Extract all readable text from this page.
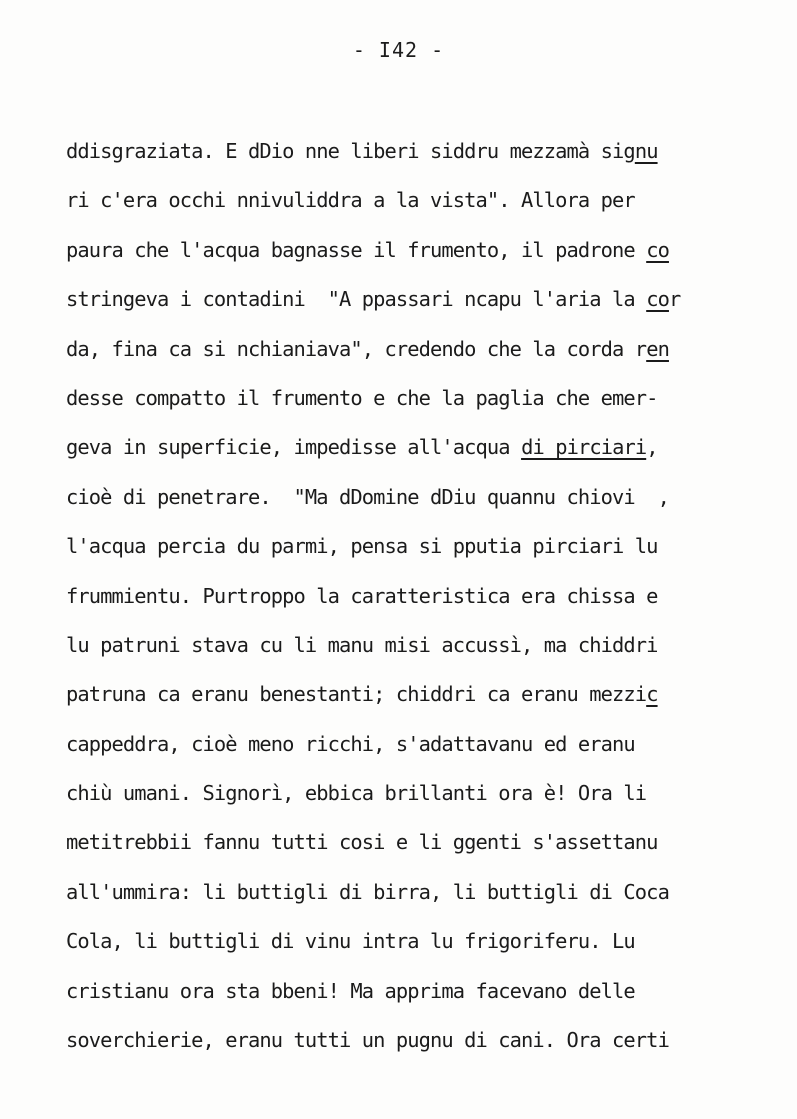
- I42 -
ddisgraziata. E dDio nne liberi siddru mezzamà signu
ri c'era occhi nnivuliddra a la vista". Allora per
paura che l'acqua bagnasse il frumento, il padrone co
stringeva i contadini  "A ppassari ncapu l'aria la cor
da, fina ca si nchianiava", credendo che la corda ren
desse compatto il frumento e che la paglia che emer-
geva in superficie, impedisse all'acqua di pirciari,
cioè di penetrare.  "Ma dDomine dDiu quannu chiovi  ,
l'acqua percia du parmi, pensa si pputia pirciari lu
frummientu. Purtroppo la caratteristica era chissa e
lu patruni stava cu li manu misi accussì, ma chiddri
patruna ca eranu benestanti; chiddri ca eranu mezzic
cappeddra, cioè meno ricchi, s'adattavanu ed eranu
chiù umani. Signorì, ebbica brillanti ora è! Ora li
metitrebbii fannu tutti cosi e li ggenti s'assettanu
all'ummira: li buttigli di birra, li buttigli di Coca
Cola, li buttigli di vinu intra lu frigoriferu. Lu
cristianu ora sta bbeni! Ma apprima facevano delle
soverchierie, eranu tutti un pugnu di cani. Ora certi
